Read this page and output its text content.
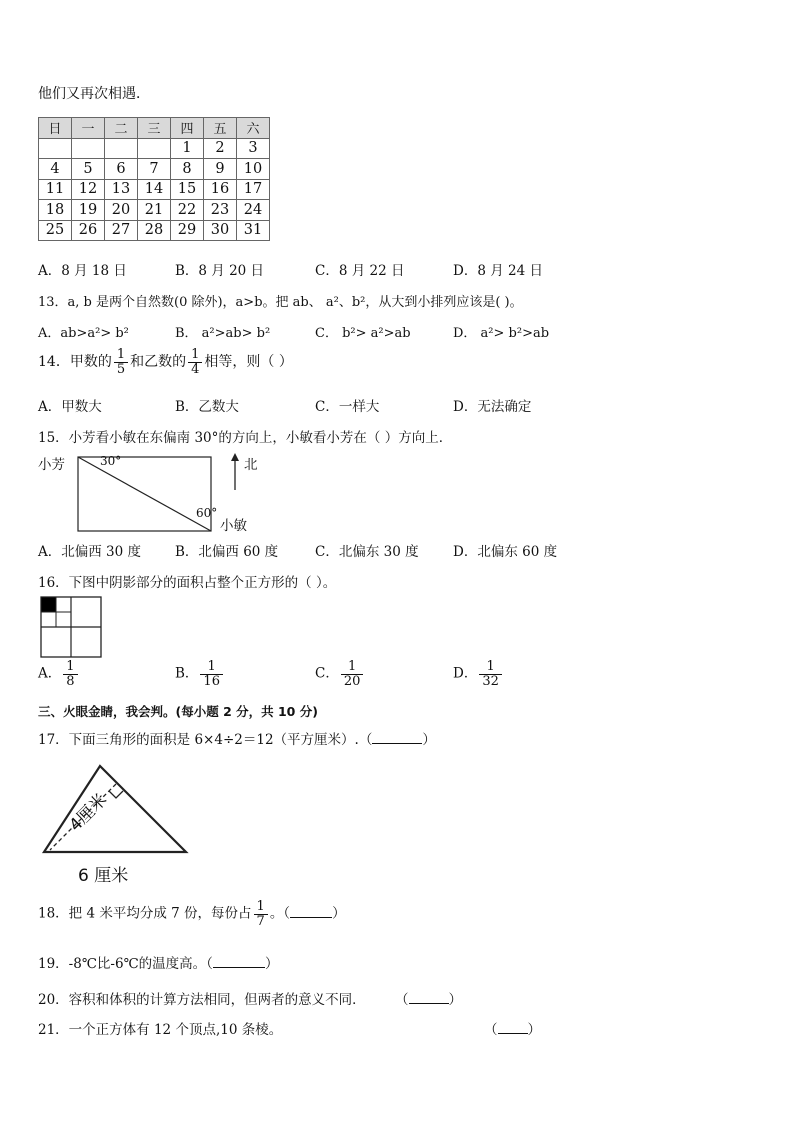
他们又再次相遇．
日	一	二	三	四	五	六
				1	2	3
4	5	6	7	8	9	10
11	12	13	14	15	16	17
18	19	20	21	22	23	24
25	26	27	28	29	30	31
A．8 月 18 日	B．8 月 20 日	C．8 月 22 日	D．8 月 24 日
13．a, b 是两个自然数(0 除外)，a>b。把 ab、 a²、b²，从大到小排列应该是( )。
A．ab>a²> b²	B． a²>ab> b²	C． b²> a²>ab	D． a²> b²>ab
14．甲数的 $\frac{1}{5}$ 和乙数的 $\frac{1}{4}$ 相等，则（ ）
A．甲数大	B．乙数大	C．一样大	D．无法确定
15．小芳看小敏在东偏南 30°的方向上，小敏看小芳在（ ）方向上．
小芳	30°
60°
小敏
北
A．北偏西 30 度	B．北偏西 60 度	C．北偏东 30 度	D．北偏东 60 度
16．下图中阴影部分的面积占整个正方形的（ ）。
A． $\frac{1}{8}$	B． $\frac{1}{16}$	C． $\frac{1}{20}$	D． $\frac{1}{32}$
三、火眼金睛，我会判。(每小题 2 分，共 10 分)
17．下面三角形的面积是 6×4÷2＝12（平方厘米）.（	）
4厘米
6 厘米
18．把 4 米平均分成 7 份，每份占 $\frac{1}{7}$ 。（	）
19．-8℃比-6℃的温度高。（	）
20．容积和体积的计算方法相同，但两者的意义不同． （	）
21．一个正方体有 12 个顶点,10 条棱。	（ ）
